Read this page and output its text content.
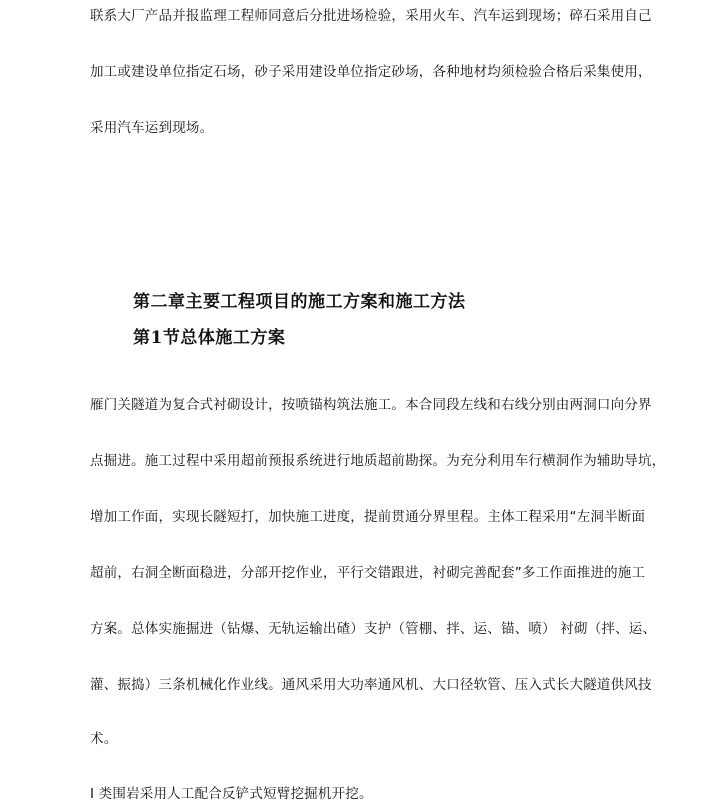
联系大厂产品并报监理工程师同意后分批进场检验，采用火车、汽车运到现场；碎石采用自己
加工或建设单位指定石场，砂子采用建设单位指定砂场，各种地材均须检验合格后采集使用，
采用汽车运到现场。
第二章主要工程项目的施工方案和施工方法
第1节总体施工方案
雁门关隧道为复合式衬砌设计，按喷锚构筑法施工。本合同段左线和右线分别由两洞口向分界
点掘进。施工过程中采用超前预报系统进行地质超前勘探。为充分利用车行横洞作为辅助导坑，
增加工作面，实现长隧短打，加快施工进度，提前贯通分界里程。主体工程采用“左洞半断面
超前，右洞全断面稳进，分部开挖作业，平行交错跟进，衬砌完善配套”多工作面推进的施工
方案。总体实施掘进（钻爆、无轨运输出碴）支护（管棚、拌、运、锚、喷） 衬砌（拌、运、
灌、振捣）三条机械化作业线。通风采用大功率通风机、大口径软管、压入式长大隧道供风技
术。
Ⅰ 类围岩采用人工配合反铲式短臂挖掘机开挖。
